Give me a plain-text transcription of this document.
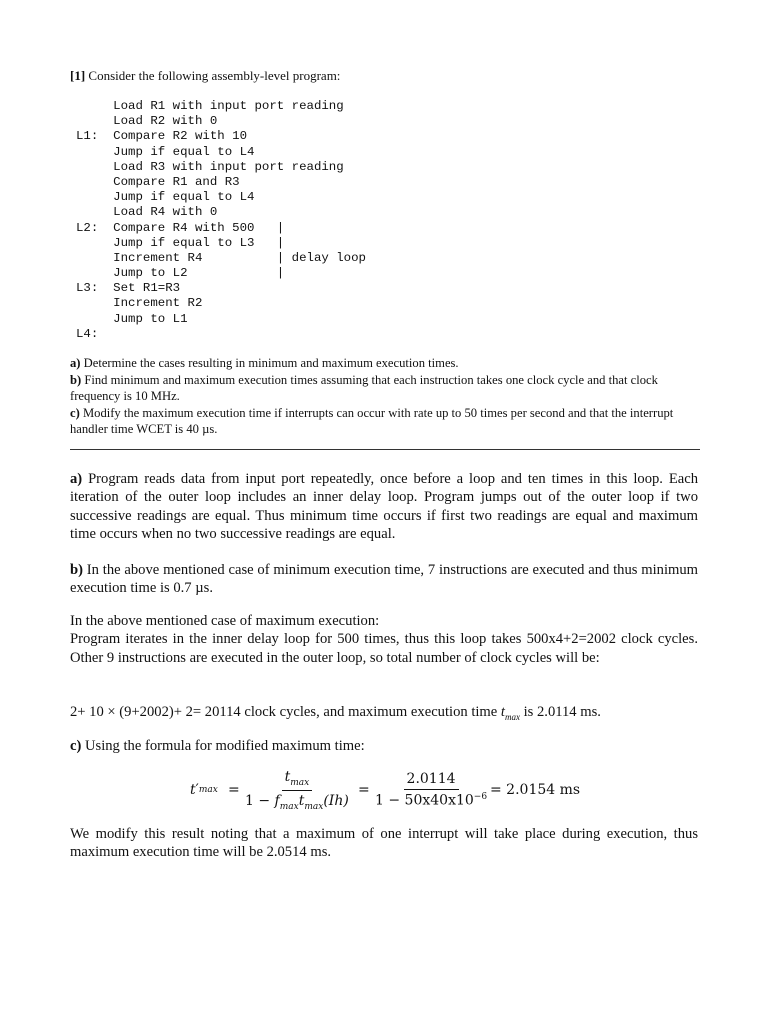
[1] Consider the following assembly-level program:
Load R1 with input port reading
Load R2 with 0
L1:  Compare R2 with 10
Jump if equal to L4
Load R3 with input port reading
Compare R1 and R3
Jump if equal to L4
Load R4 with 0
L2:  Compare R4 with 500   |
Jump if equal to L3   |
Increment R4          | delay loop
Jump to L2            |
L3:  Set R1=R3
Increment R2
Jump to L1
L4:

a) Determine the cases resulting in minimum and maximum execution times.

b) Find minimum and maximum execution times assuming that each instruction takes one clock cycle and that clock frequency is 10 MHz.

c) Modify the maximum execution time if interrupts can occur with rate up to 50 times per second and that the interrupt handler time WCET is 40 µs.

a) Program reads data from input port repeatedly, once before a loop and ten times in this loop. Each iteration of the outer loop includes an inner delay loop. Program jumps out of the outer loop if two successive readings are equal. Thus minimum time occurs if first two readings are equal and maximum time occurs when no two successive readings are equal.

b) In the above mentioned case of minimum execution time, 7 instructions are executed and thus minimum execution time is 0.7 µs.

In the above mentioned case of maximum execution:
Program iterates in the inner delay loop for 500 times, thus this loop takes 500x4+2=2002 clock cycles. Other 9 instructions are executed in the outer loop, so total number of clock cycles will be:

2+ 10 × (9+2002)+ 2= 20114 clock cycles, and maximum execution time $t_{max}$ is 2.0114 ms.

c) Using the formula for modified maximum time:

t ′ $\max = \frac{t_{max}}{1 - f_{max}t_{max}(Ih)} = \frac{2.0114}{1 - 50x40x10^{-6}} = 2.0154$ ms

We modify this result noting that a maximum of one interrupt will take place during execution, thus maximum execution time will be 2.0514 ms.
